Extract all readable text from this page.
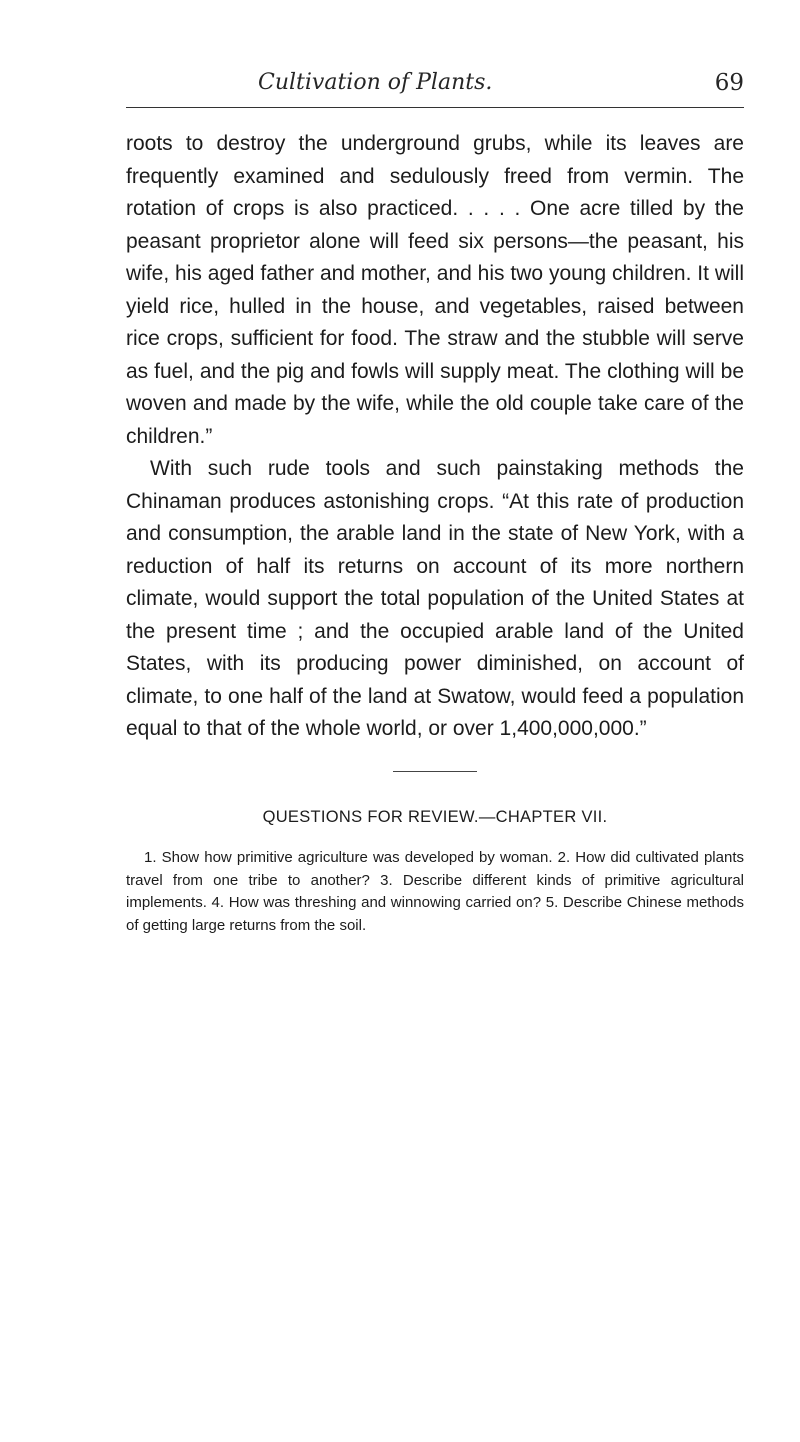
Cultivation of Plants.	69

roots to destroy the underground grubs, while its leaves are frequently examined and sedulously freed from vermin. The rotation of crops is also practiced. . . . . One acre tilled by the peasant proprietor alone will feed six persons—the peasant, his wife, his aged father and mother, and his two young children. It will yield rice, hulled in the house, and vegetables, raised between rice crops, sufficient for food. The straw and the stubble will serve as fuel, and the pig and fowls will supply meat. The clothing will be woven and made by the wife, while the old couple take care of the children.”

With such rude tools and such painstaking methods the Chinaman produces astonishing crops. “At this rate of production and consumption, the arable land in the state of New York, with a reduction of half its returns on account of its more northern climate, would support the total population of the United States at the present time ; and the occupied arable land of the United States, with its producing power diminished, on account of climate, to one half of the land at Swatow, would feed a population equal to that of the whole world, or over 1,400,000,000.”

QUESTIONS FOR REVIEW.—CHAPTER VII.

1. Show how primitive agriculture was developed by woman. 2. How did cultivated plants travel from one tribe to another? 3. Describe different kinds of primitive agricultural implements. 4. How was threshing and winnowing carried on? 5. Describe Chinese methods of getting large returns from the soil.
